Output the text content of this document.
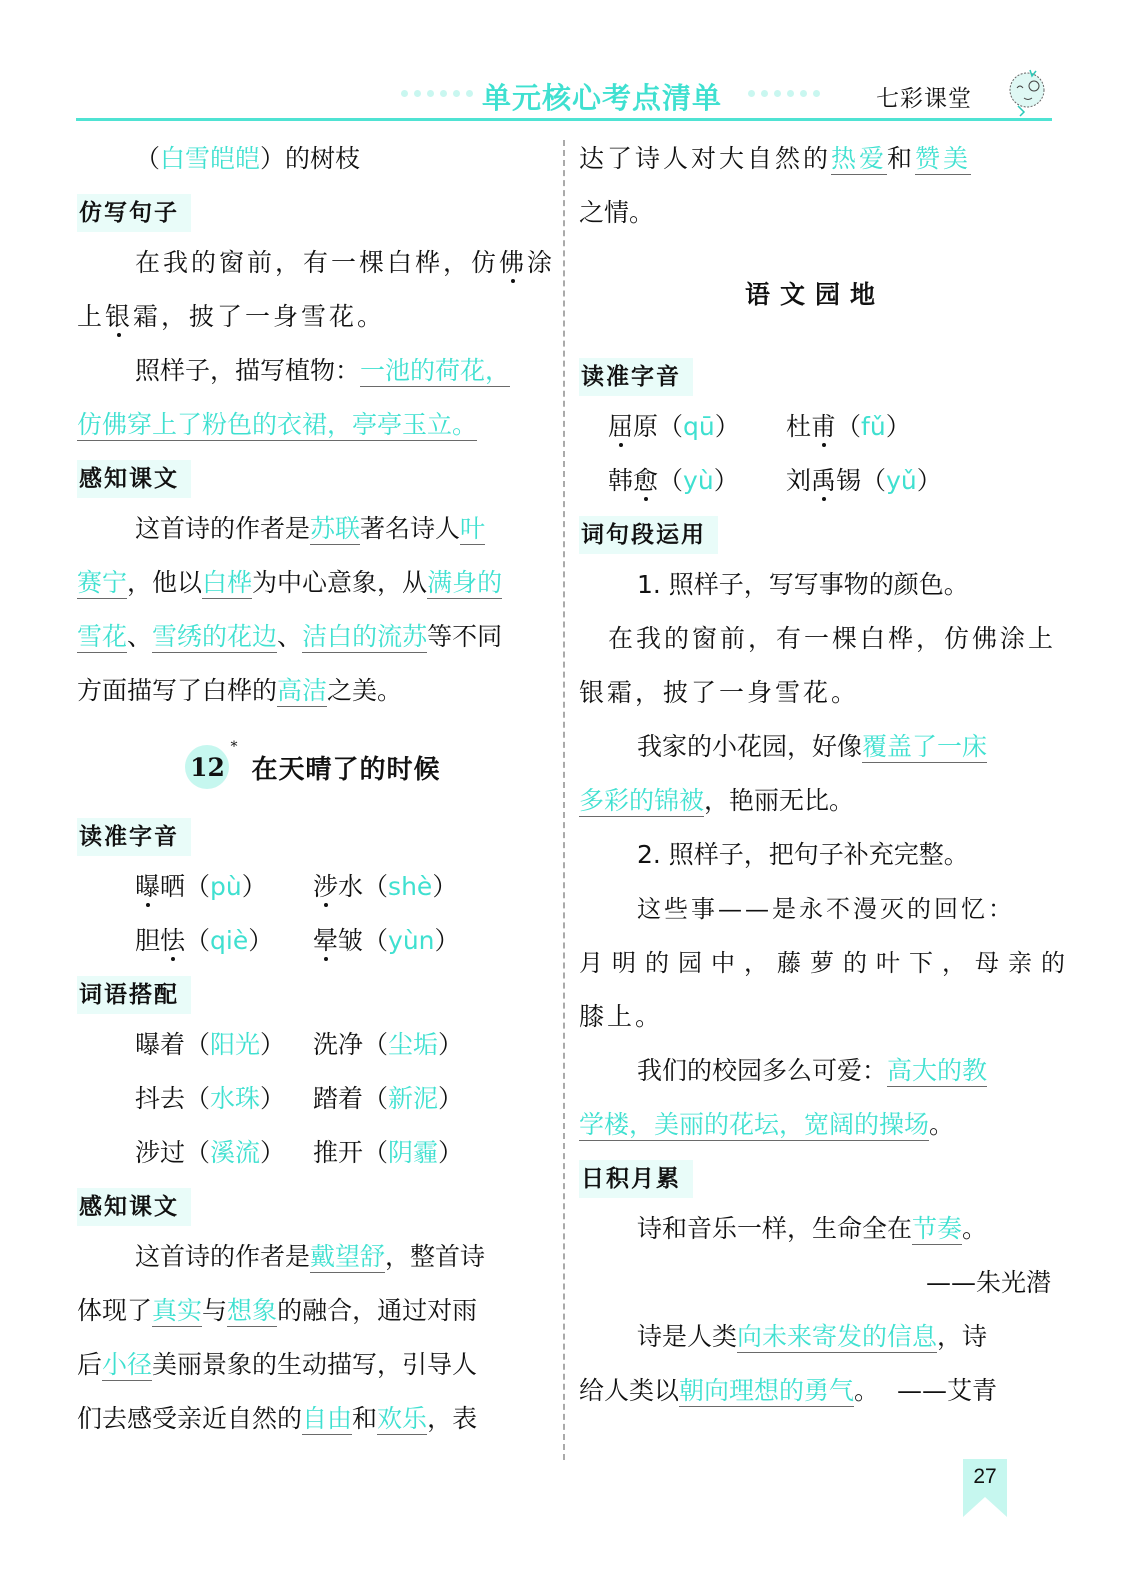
单元核心考点清单	七彩课堂
（白雪皑皑）的树枝
仿写句子
在我的窗前，有一棵白桦，仿佛涂
上银霜，披了一身雪花。
照样子，描写植物：一池的荷花，
仿佛穿上了粉色的衣裙，亭亭玉立。
感知课文
这首诗的作者是苏联著名诗人叶
赛宁，他以白桦为中心意象，从满身的
雪花、雪绣的花边、洁白的流苏等不同
方面描写了白桦的高洁之美。
12
*
在天晴了的时候
读准字音
曝晒（pù）	涉水（shè）
胆怯（qiè）	晕皱（yùn）
词语搭配
曝着（阳光）	洗净（尘垢）
抖去（水珠）	踏着（新泥）
涉过（溪流）	推开（阴霾）
感知课文
这首诗的作者是戴望舒，整首诗
体现了真实与想象的融合，通过对雨
后小径美丽景象的生动描写，引导人
们去感受亲近自然的自由和欢乐，表
达了诗人对大自然的热爱和赞美
之情。
语文园地
读准字音
屈原（qū）	杜甫（fǔ）
韩愈（yù）	刘禹锡（yǔ）
词句段运用
1. 照样子，写写事物的颜色。
在我的窗前，有一棵白桦，仿佛涂上
银霜，披了一身雪花。
我家的小花园，好像覆盖了一床
多彩的锦被，艳丽无比。
2. 照样子，把句子补充完整。
这些事——是永不漫灭的回忆：
月明的园中，藤萝的叶下，母亲的
膝上。
我们的校园多么可爱：高大的教
学楼，美丽的花坛，宽阔的操场。
日积月累
诗和音乐一样，生命全在节奏。
——朱光潜
诗是人类向未来寄发的信息，诗
给人类以朝向理想的勇气。 ——艾青
27
